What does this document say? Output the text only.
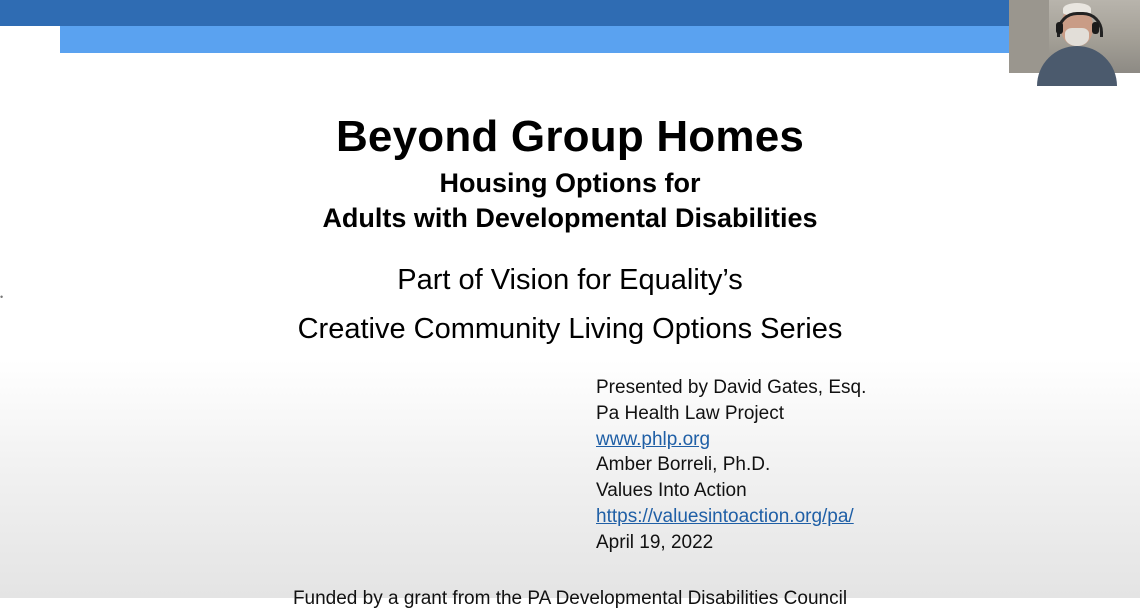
•
Beyond Group Homes
Housing Options for
Adults with Developmental Disabilities
Part of Vision for Equality’s
Creative Community Living Options Series
Presented by David Gates, Esq.
Pa Health Law Project
www.phlp.org
Amber Borreli, Ph.D.
Values Into Action
https://valuesintoaction.org/pa/
April 19, 2022
Funded by a grant from the PA Developmental Disabilities Council
